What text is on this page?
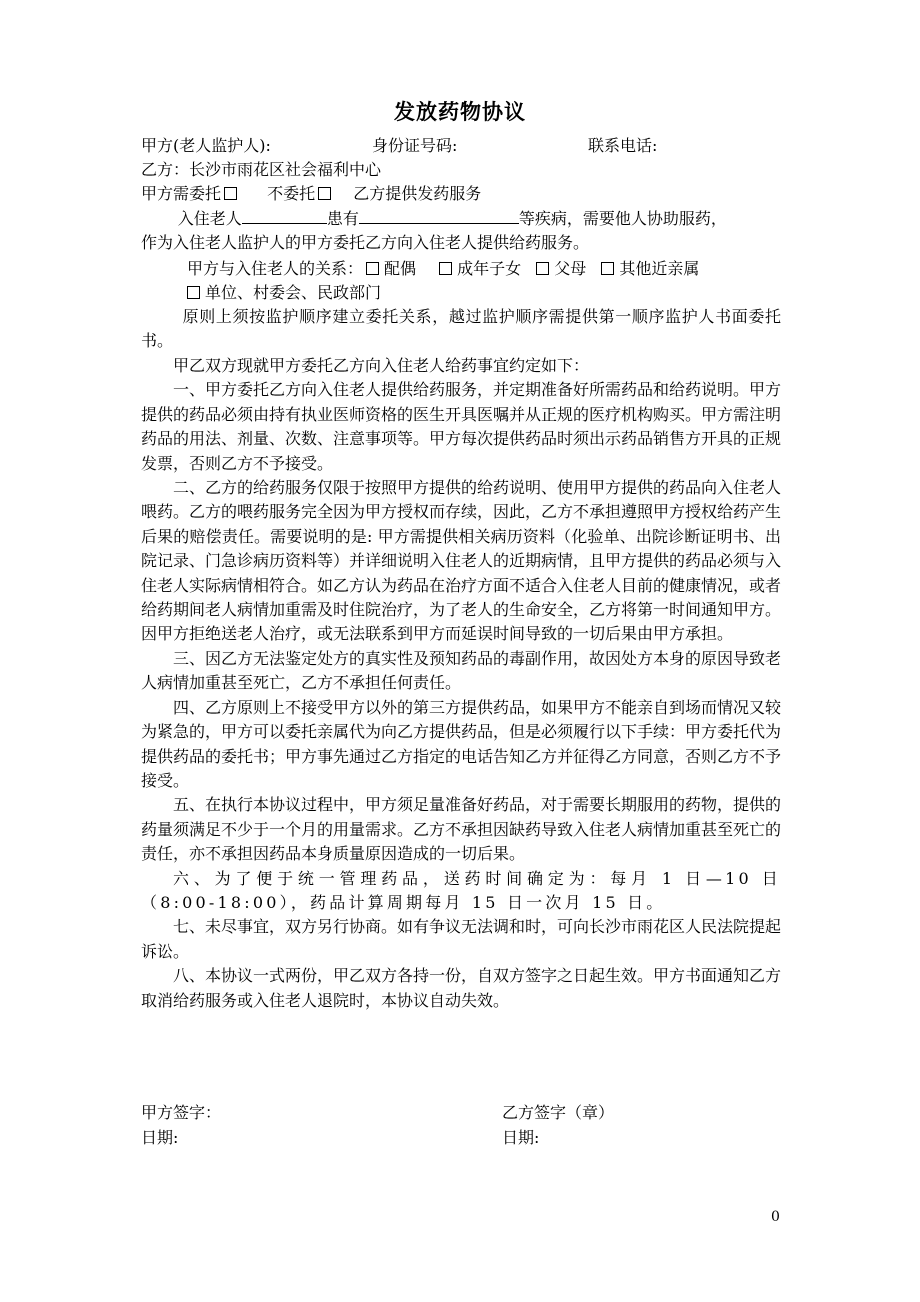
发放药物协议
甲方(老人监护人):	身份证号码:	联系电话:
乙方：长沙市雨花区社会福利中心
甲方需委托	不委托 乙方提供发药服务

入住老人	患有	等疾病，需要他人协助服药，

作为入住老人监护人的甲方委托乙方向入住老人提供给药服务。

甲方与入住老人的关系： 配偶	成年子女 父母 其他近亲属
单位、村委会、民政部门

原则上须按监护顺序建立委托关系，越过监护顺序需提供第一顺序监护人书面委托书。

甲乙双方现就甲方委托乙方向入住老人给药事宜约定如下：

一、甲方委托乙方向入住老人提供给药服务，并定期准备好所需药品和给药说明。甲方提供的药品必须由持有执业医师资格的医生开具医嘱并从正规的医疗机构购买。甲方需注明药品的用法、剂量、次数、注意事项等。甲方每次提供药品时须出示药品销售方开具的正规发票，否则乙方不予接受。

二、乙方的给药服务仅限于按照甲方提供的给药说明、使用甲方提供的药品向入住老人喂药。乙方的喂药服务完全因为甲方授权而存续，因此，乙方不承担遵照甲方授权给药产生后果的赔偿责任。需要说明的是: 甲方需提供相关病历资料（化验单、出院诊断证明书、出院记录、门急诊病历资料等）并详细说明入住老人的近期病情，且甲方提供的药品必须与入住老人实际病情相符合。如乙方认为药品在治疗方面不适合入住老人目前的健康情况，或者给药期间老人病情加重需及时住院治疗，为了老人的生命安全，乙方将第一时间通知甲方。因甲方拒绝送老人治疗，或无法联系到甲方而延误时间导致的一切后果由甲方承担。

三、因乙方无法鉴定处方的真实性及预知药品的毒副作用，故因处方本身的原因导致老人病情加重甚至死亡，乙方不承担任何责任。

四、乙方原则上不接受甲方以外的第三方提供药品，如果甲方不能亲自到场而情况又较为紧急的，甲方可以委托亲属代为向乙方提供药品，但是必须履行以下手续：甲方委托代为提供药品的委托书；甲方事先通过乙方指定的电话告知乙方并征得乙方同意，否则乙方不予接受。

五、在执行本协议过程中，甲方须足量准备好药品，对于需要长期服用的药物，提供的药量须满足不少于一个月的用量需求。乙方不承担因缺药导致入住老人病情加重甚至死亡的责任，亦不承担因药品本身质量原因造成的一切后果。

六、为了便于统一管理药品，送药时间确定为：每月 1 日—10 日（8:00-18:00），药品计算周期每月 15 日一次月 15 日。

七、未尽事宜，双方另行协商。如有争议无法调和时，可向长沙市雨花区人民法院提起诉讼。

八、本协议一式两份，甲乙双方各持一份，自双方签字之日起生效。甲方书面通知乙方取消给药服务或入住老人退院时，本协议自动失效。

甲方签字：	乙方签字（章）
日期:	日期:
0
